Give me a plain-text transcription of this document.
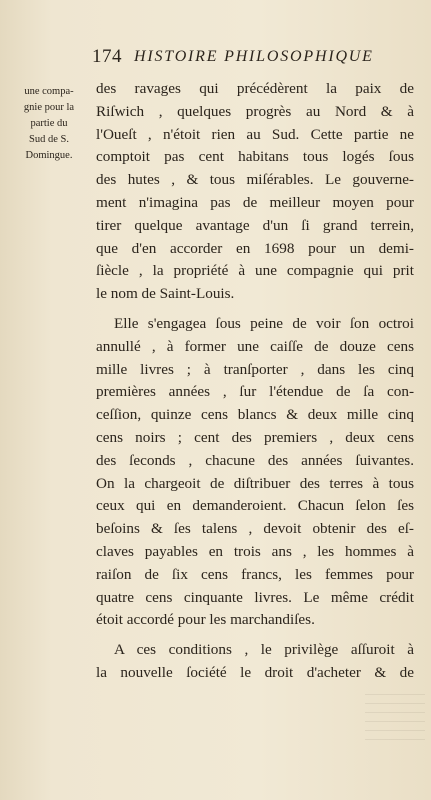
174 HISTOIRE PHILOSOPHIQUE
une compa-
gnie pour la
partie du
Sud de S.
Domingue.
des ravages qui précédèrent la paix de
Riſwich , quelques progrès au Nord & à
l'Oueſt , n'étoit rien au Sud. Cette partie ne
comptoit pas cent habitans tous logés ſous
des hutes , & tous miſérables. Le gouverne-
ment n'imagina pas de meilleur moyen pour
tirer quelque avantage d'un ſi grand terrein,
que d'en accorder en 1698 pour un demi-
ſiècle , la propriété à une compagnie qui prit
le nom de Saint-Louis.
Elle s'engagea ſous peine de voir ſon octroi
annullé , à former une caiſſe de douze cens
mille livres ; à tranſporter , dans les cinq
premières années , ſur l'étendue de ſa con-
ceſſion, quinze cens blancs & deux mille cinq
cens noirs ; cent des premiers , deux cens
des ſeconds , chacune des années ſuivantes.
On la chargeoit de diſtribuer des terres à tous
ceux qui en demanderoient. Chacun ſelon ſes
beſoins & ſes talens , devoit obtenir des eſ-
claves payables en trois ans , les hommes à
raiſon de ſix cens francs, les femmes pour
quatre cens cinquante livres. Le même crédit
étoit accordé pour les marchandiſes.
A ces conditions , le privilège aſſuroit à
la nouvelle ſociété le droit d'acheter & de
